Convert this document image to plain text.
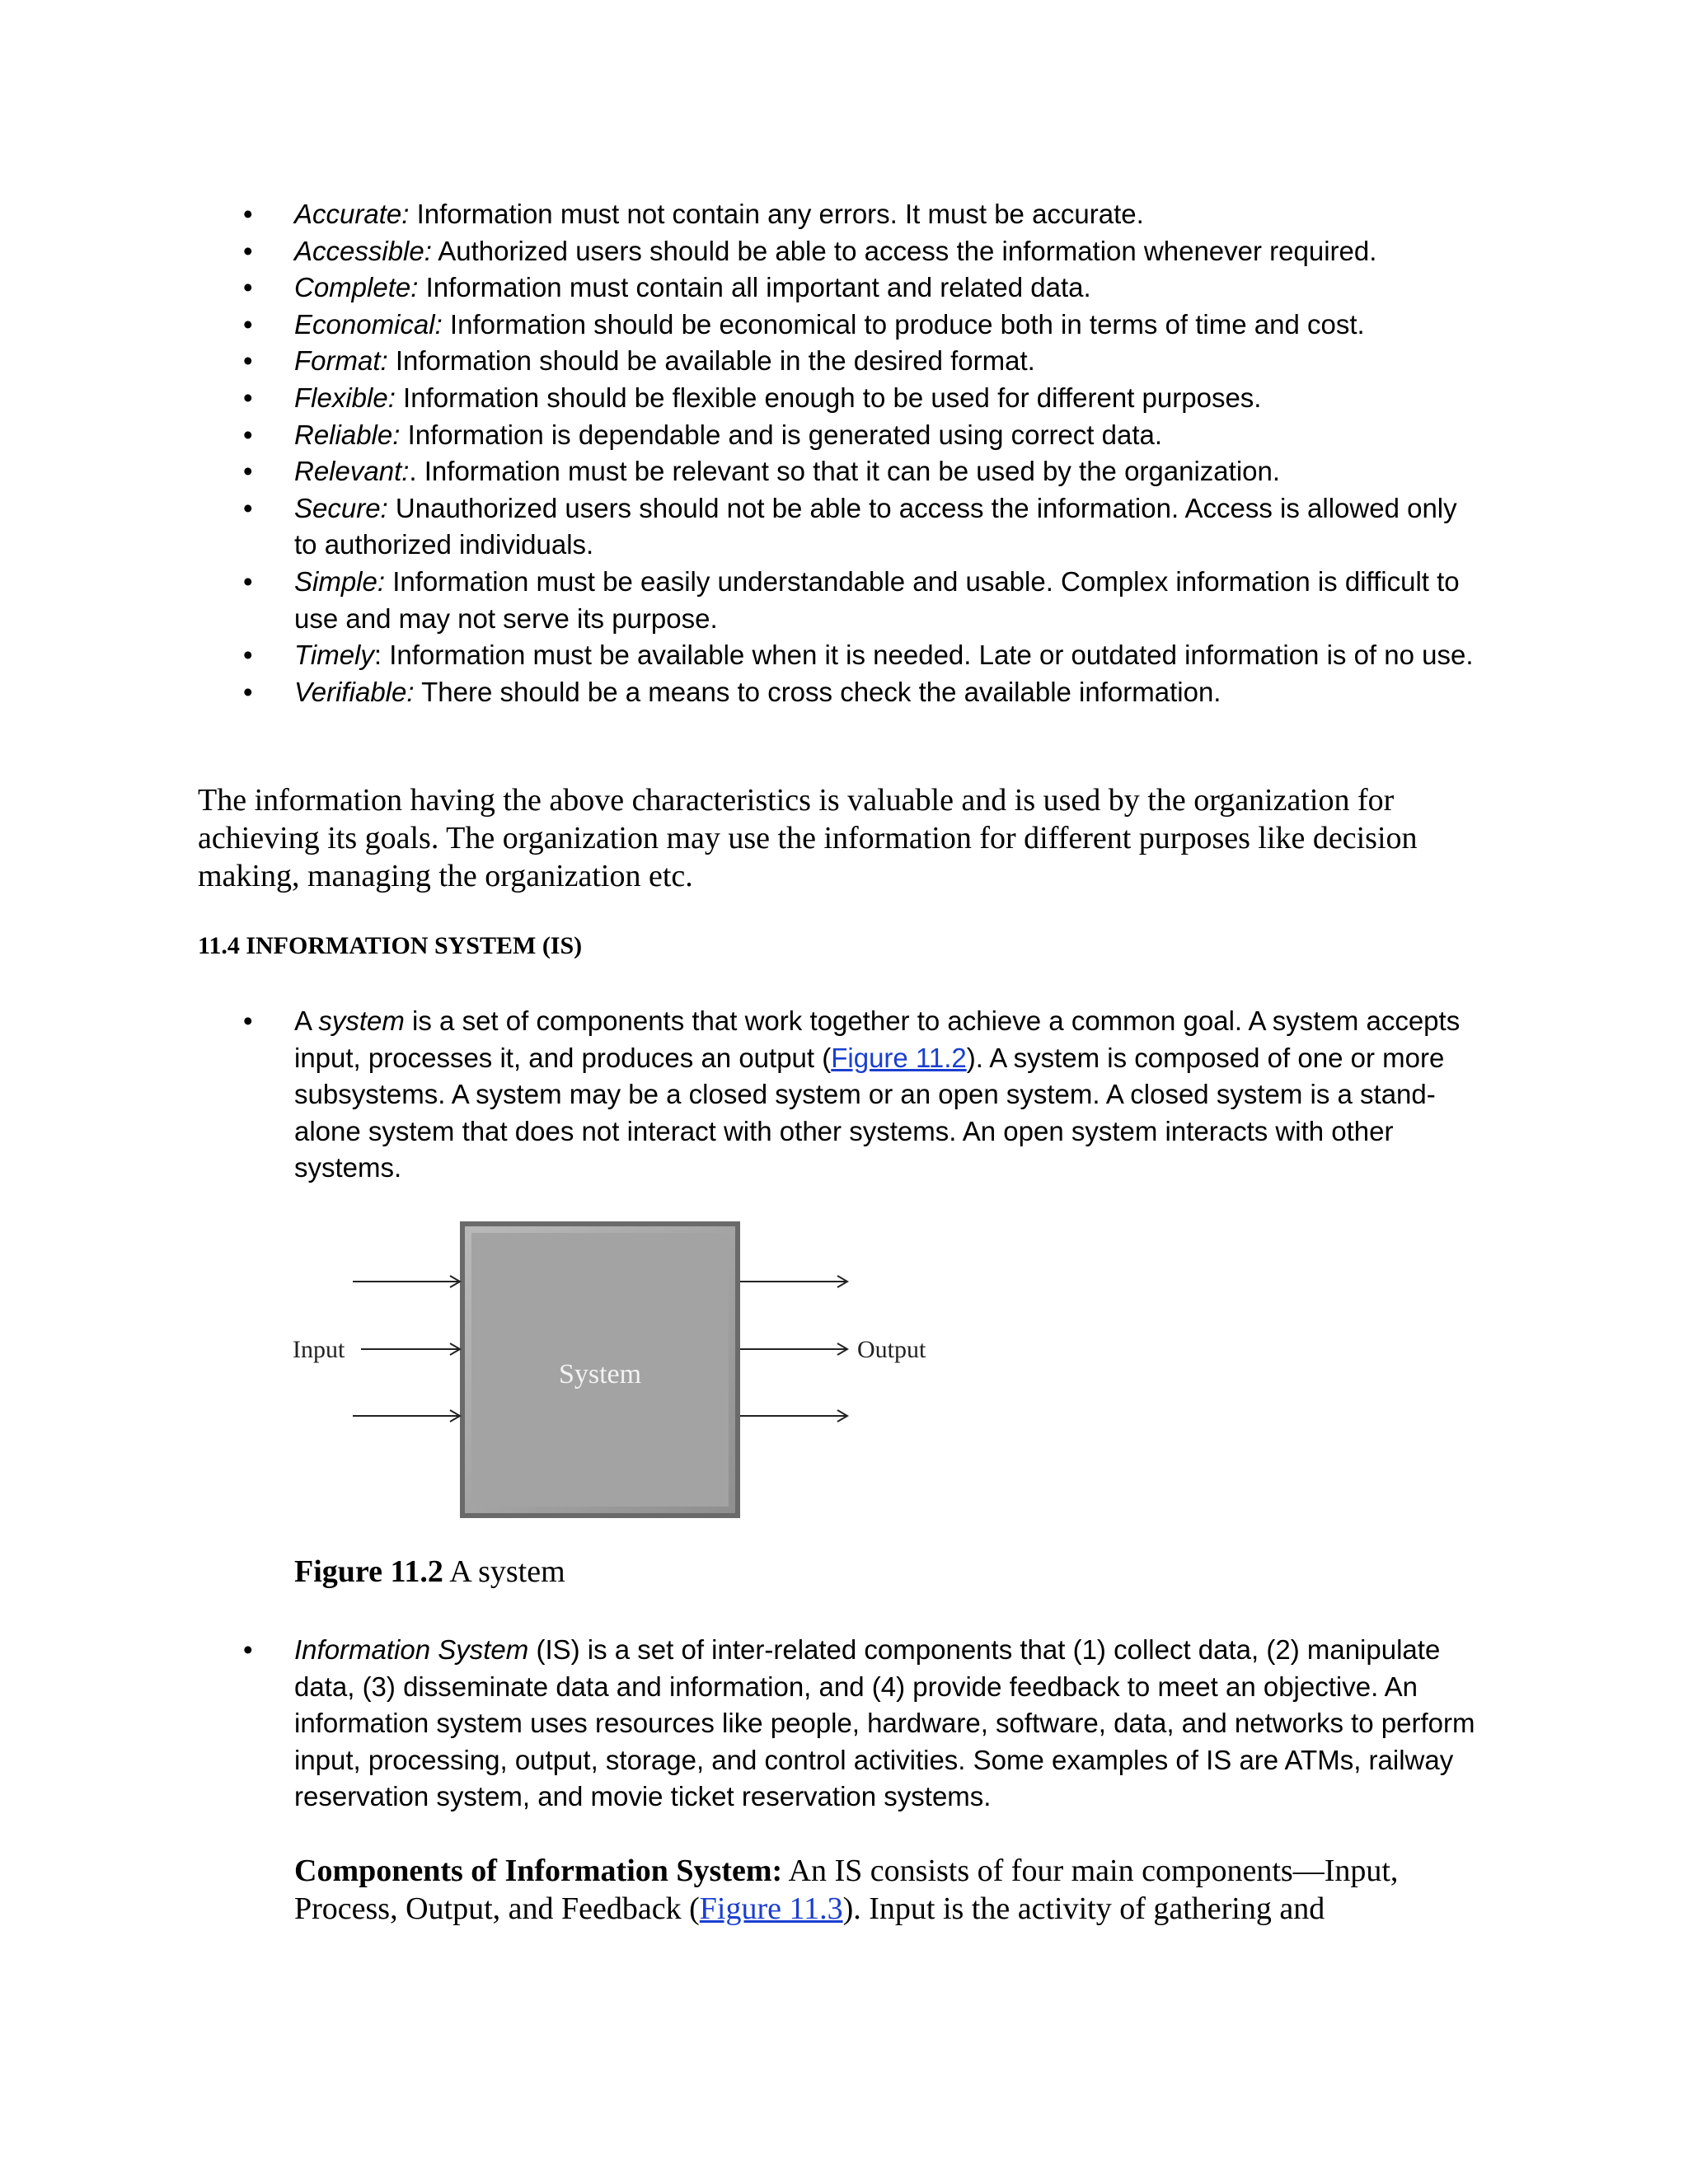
• Accurate: Information must not contain any errors. It must be accurate.
• Accessible: Authorized users should be able to access the information whenever required.
• Complete: Information must contain all important and related data.
• Economical: Information should be economical to produce both in terms of time and cost.
• Format: Information should be available in the desired format.
• Flexible: Information should be flexible enough to be used for different purposes.
• Reliable: Information is dependable and is generated using correct data.
• Relevant:. Information must be relevant so that it can be used by the organization.
• Secure: Unauthorized users should not be able to access the information. Access is allowed only to authorized individuals.
• Simple: Information must be easily understandable and usable. Complex information is difficult to use and may not serve its purpose.
• Timely: Information must be available when it is needed. Late or outdated information is of no use.
• Verifiable: There should be a means to cross check the available information.

The information having the above characteristics is valuable and is used by the organization for achieving its goals. The organization may use the information for different purposes like decision making, managing the organization etc.

11.4 INFORMATION SYSTEM (IS)
• A system is a set of components that work together to achieve a common goal. A system accepts input, processes it, and produces an output (Figure 11.2). A system is composed of one or more subsystems. A system may be a closed system or an open system. A closed system is a stand-alone system that does not interact with other systems. An open system interacts with other systems.
System
Input	Output

Figure 11.2 A system

• Information System (IS) is a set of inter-related components that (1) collect data, (2) manipulate data, (3) disseminate data and information, and (4) provide feedback to meet an objective. An information system uses resources like people, hardware, software, data, and networks to perform input, processing, output, storage, and control activities. Some examples of IS are ATMs, railway reservation system, and movie ticket reservation systems.

Components of Information System: An IS consists of four main components—Input, Process, Output, and Feedback (Figure 11.3). Input is the activity of gathering and
